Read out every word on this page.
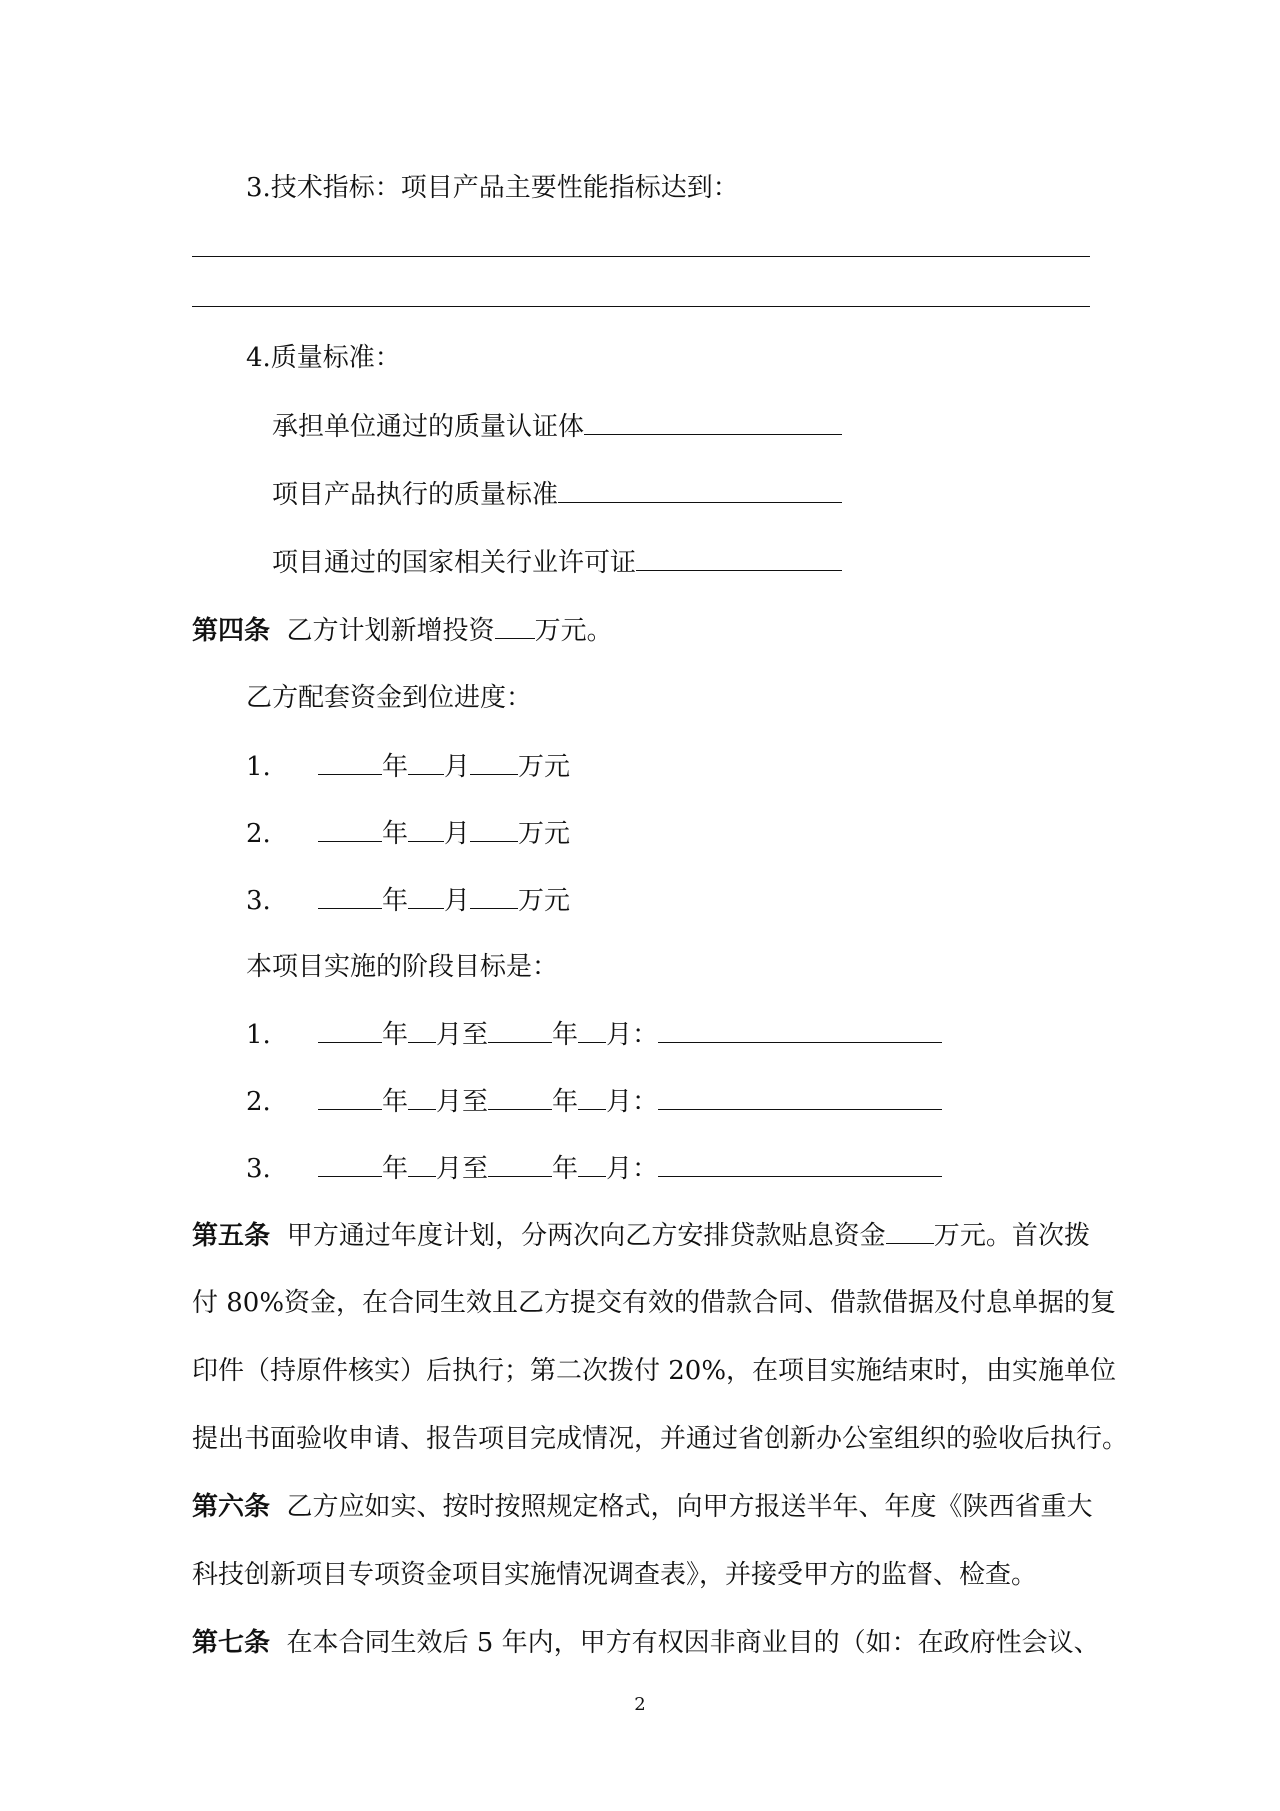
3.技术指标：项目产品主要性能指标达到：
4.质量标准：
承担单位通过的质量认证体
项目产品执行的质量标准
项目通过的国家相关行业许可证
第四条 乙方计划新增投资 万元。
乙方配套资金到位进度：
1.	年 月 万元
2.	年 月 万元
3.	年 月 万元
本项目实施的阶段目标是：
1.	年 月至 年 月：
2.	年 月至 年 月：
3.	年 月至 年 月：
第五条 甲方通过年度计划，分两次向乙方安排贷款贴息资金 万元。首次拨
付 80%资金，在合同生效且乙方提交有效的借款合同、借款借据及付息单据的复
印件（持原件核实）后执行；第二次拨付 20%，在项目实施结束时，由实施单位
提出书面验收申请、报告项目完成情况，并通过省创新办公室组织的验收后执行。
第六条 乙方应如实、按时按照规定格式，向甲方报送半年、年度《陕西省重大
科技创新项目专项资金项目实施情况调查表》，并接受甲方的监督、检查。
第七条 在本合同生效后 5 年内，甲方有权因非商业目的（如：在政府性会议、
2
